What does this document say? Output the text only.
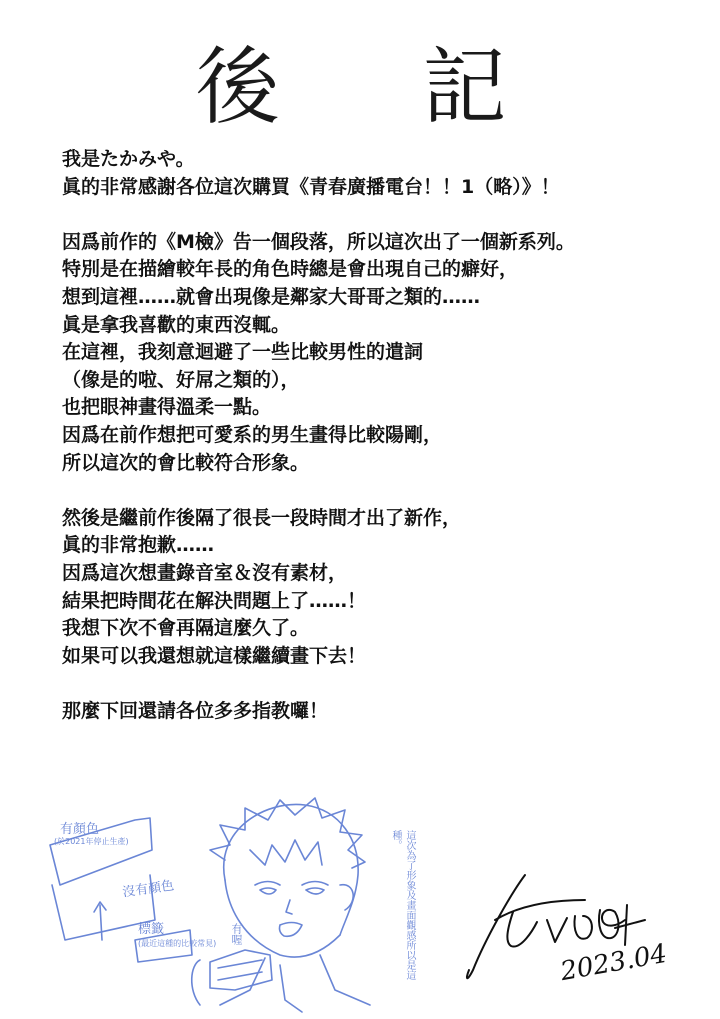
後 記
我是たかみや。
眞的非常感謝各位這次購買《青春廣播電台！！1（略）》！
因爲前作的《M檢》告一個段落，所以這次出了一個新系列。
特別是在描繪較年長的角色時總是會出現自己的癖好，
想到這裡……就會出現像是鄰家大哥哥之類的……
眞是拿我喜歡的東西沒輒。
在這裡，我刻意迴避了一些比較男性的遣詞
（像是的啦、好屌之類的），
也把眼神畫得溫柔一點。
因爲在前作想把可愛系的男生畫得比較陽剛，
所以這次的會比較符合形象。
然後是繼前作後隔了很長一段時間才出了新作，
眞的非常抱歉……
因爲這次想畫錄音室＆沒有素材，
結果把時間花在解決問題上了……！
我想下次不會再隔這麼久了。
如果可以我還想就這樣繼續畫下去！
那麼下回還請各位多多指教囉！
有顏色
(於2021年停止生產)
沒有顏色
標籤
(最近這種的比較常見) 有喔	這次為了形象及畫面觀感所以是這種。
2023.04
